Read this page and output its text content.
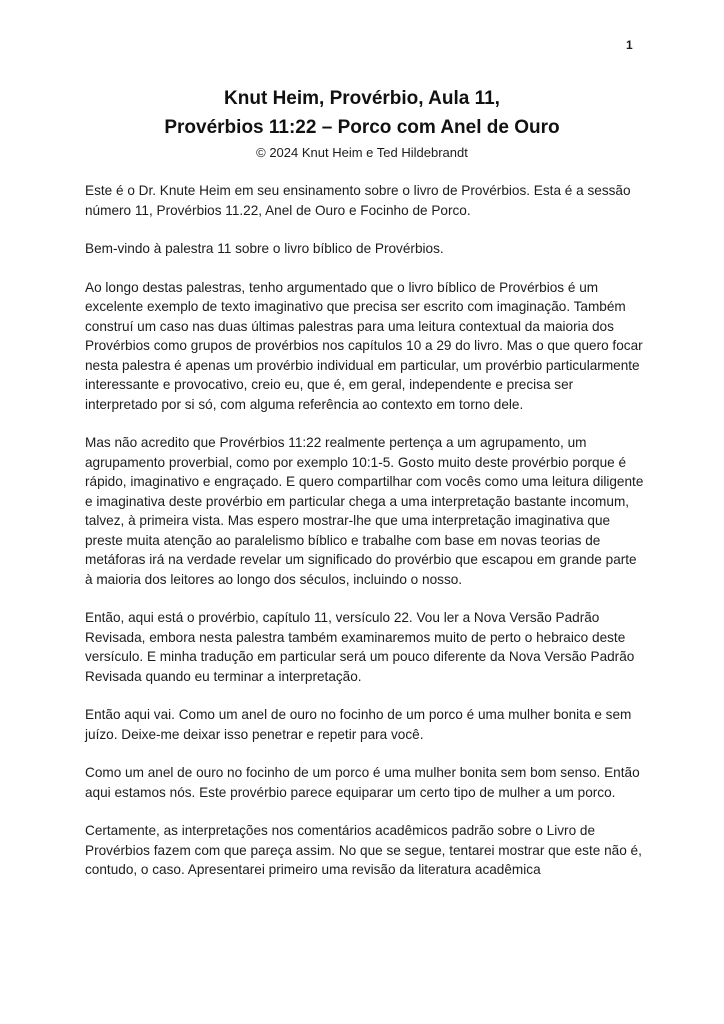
1
Knut Heim, Provérbio, Aula 11,
Provérbios 11:22 – Porco com Anel de Ouro
© 2024 Knut Heim e Ted Hildebrandt

Este é o Dr. Knute Heim em seu ensinamento sobre o livro de Provérbios. Esta é a sessão número 11, Provérbios 11.22, Anel de Ouro e Focinho de Porco.

Bem-vindo à palestra 11 sobre o livro bíblico de Provérbios.

Ao longo destas palestras, tenho argumentado que o livro bíblico de Provérbios é um excelente exemplo de texto imaginativo que precisa ser escrito com imaginação. Também construí um caso nas duas últimas palestras para uma leitura contextual da maioria dos Provérbios como grupos de provérbios nos capítulos 10 a 29 do livro. Mas o que quero focar nesta palestra é apenas um provérbio individual em particular, um provérbio particularmente interessante e provocativo, creio eu, que é, em geral, independente e precisa ser interpretado por si só, com alguma referência ao contexto em torno dele.

Mas não acredito que Provérbios 11:22 realmente pertença a um agrupamento, um agrupamento proverbial, como por exemplo 10:1-5. Gosto muito deste provérbio porque é rápido, imaginativo e engraçado. E quero compartilhar com vocês como uma leitura diligente e imaginativa deste provérbio em particular chega a uma interpretação bastante incomum, talvez, à primeira vista. Mas espero mostrar-lhe que uma interpretação imaginativa que preste muita atenção ao paralelismo bíblico e trabalhe com base em novas teorias de metáforas irá na verdade revelar um significado do provérbio que escapou em grande parte à maioria dos leitores ao longo dos séculos, incluindo o nosso.

Então, aqui está o provérbio, capítulo 11, versículo 22. Vou ler a Nova Versão Padrão Revisada, embora nesta palestra também examinaremos muito de perto o hebraico deste versículo. E minha tradução em particular será um pouco diferente da Nova Versão Padrão Revisada quando eu terminar a interpretação.

Então aqui vai. Como um anel de ouro no focinho de um porco é uma mulher bonita e sem juízo. Deixe-me deixar isso penetrar e repetir para você.

Como um anel de ouro no focinho de um porco é uma mulher bonita sem bom senso. Então aqui estamos nós. Este provérbio parece equiparar um certo tipo de mulher a um porco.

Certamente, as interpretações nos comentários acadêmicos padrão sobre o Livro de Provérbios fazem com que pareça assim. No que se segue, tentarei mostrar que este não é, contudo, o caso. Apresentarei primeiro uma revisão da literatura acadêmica
